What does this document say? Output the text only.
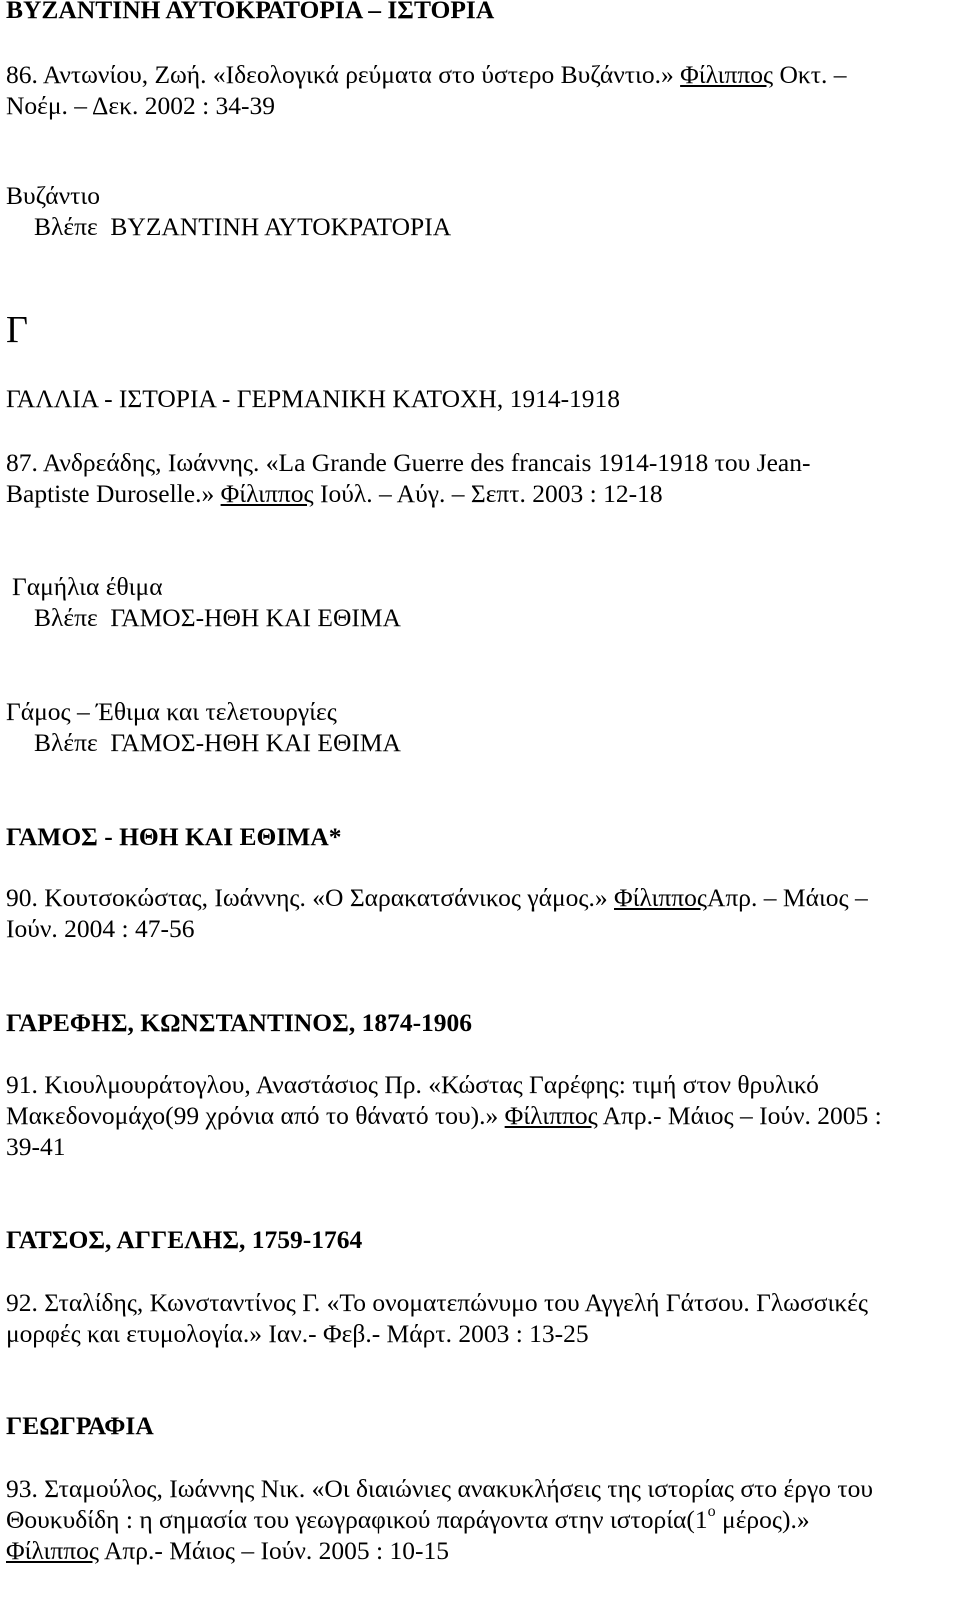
ΒΥΖΑΝΤΙΝΗ ΑΥΤΟΚΡΑΤΟΡΙΑ – ΙΣΤΟΡΙΑ
86. Αντωνίου, Ζωή. «Ιδεολογικά ρεύματα στο ύστερο Βυζάντιο.» Φίλιππος Οκτ. –
Νοέμ. – Δεκ. 2002 : 34-39
Βυζάντιο
Βλέπε ΒΥΖΑΝΤΙΝΗ ΑΥΤΟΚΡΑΤΟΡΙΑ
Γ
ΓΑΛΛΙΑ - ΙΣΤΟΡΙΑ - ΓΕΡΜΑΝΙΚΗ ΚΑΤΟΧΗ, 1914-1918
87. Ανδρεάδης, Ιωάννης. «La Grande Guerre des francais 1914-1918 του Jean-
Baptiste Duroselle.» Φίλιππος Ιούλ. – Αύγ. – Σεπτ. 2003 : 12-18
Γαμήλια έθιμα
Βλέπε ΓΑΜΟΣ-ΗΘΗ ΚΑΙ ΕΘΙΜΑ
Γάμος – Έθιμα και τελετουργίες
Βλέπε ΓΑΜΟΣ-ΗΘΗ ΚΑΙ ΕΘΙΜΑ
ΓΑΜΟΣ - ΗΘΗ ΚΑΙ ΕΘΙΜΑ*
90. Κουτσοκώστας, Ιωάννης. «Ο Σαρακατσάνικος γάμος.» ΦίλιπποςΑπρ. – Μάιος –
Ιούν. 2004 : 47-56
ΓΑΡΕΦΗΣ, ΚΩΝΣΤΑΝΤΙΝΟΣ, 1874-1906
91. Κιουλμουράτογλου, Αναστάσιος Πρ. «Κώστας Γαρέφης: τιμή στον θρυλικό
Μακεδονομάχο(99 χρόνια από το θάνατό του).» Φίλιππος Απρ.- Μάιος – Ιούν. 2005 :
39-41
ΓΑΤΣΟΣ, ΑΓΓΕΛΗΣ, 1759-1764
92. Σταλίδης, Κωνσταντίνος Γ. «Το ονοματεπώνυμο του Αγγελή Γάτσου. Γλωσσικές
μορφές και ετυμολογία.» Ιαν.- Φεβ.- Μάρτ. 2003 : 13-25
ΓΕΩΓΡΑΦΙΑ
93. Σταμούλος, Ιωάννης Νικ. «Οι διαιώνιες ανακυκλήσεις της ιστορίας στο έργο του
Θουκυδίδη : η σημασία του γεωγραφικού παράγοντα στην $\iota\sigma\tau o\rho ί\alpha(1^o$ μέρος).»
Φίλιππος Απρ.- Μάιος – Ιούν. 2005 : 10-15
